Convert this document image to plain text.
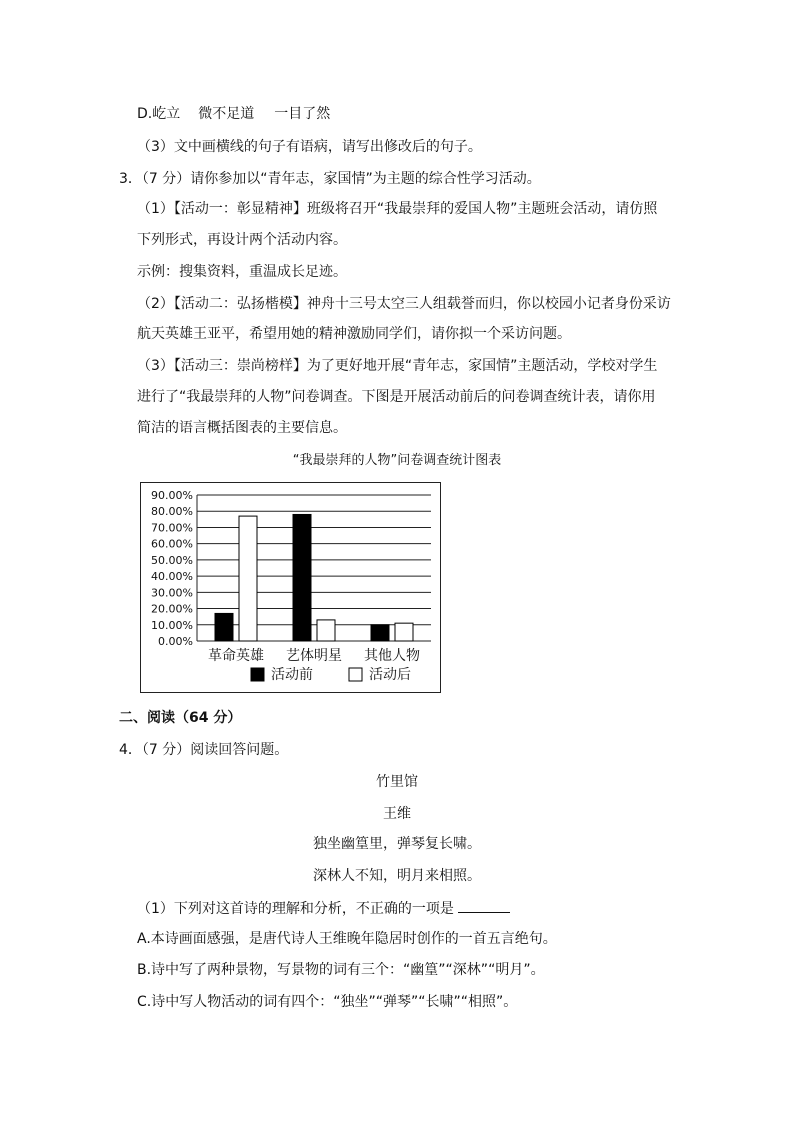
D.屹立 微不足道 一目了然
（3）文中画横线的句子有语病，请写出修改后的句子。
3．（7 分）请你参加以“青年志，家国情”为主题的综合性学习活动。
（1）【活动一：彰显精神】班级将召开“我最崇拜的爱国人物”主题班会活动，请仿照
下列形式，再设计两个活动内容。
示例：搜集资料，重温成长足迹。
（2）【活动二：弘扬楷模】神舟十三号太空三人组载誉而归，你以校园小记者身份采访
航天英雄王亚平，希望用她的精神激励同学们，请你拟一个采访问题。
（3）【活动三：崇尚榜样】为了更好地开展“青年志，家国情”主题活动，学校对学生
进行了“我最崇拜的人物”问卷调查。下图是开展活动前后的问卷调查统计表，请你用
简洁的语言概括图表的主要信息。
“我最崇拜的人物”问卷调查统计图表
0.00%
10.00%
20.00%
30.00%
40.00%
50.00%
60.00%
70.00%
80.00%
90.00%
革命英雄 艺体明星 其他人物
活动前	活动后
二、阅读（64 分）
4．（7 分）阅读回答问题。
竹里馆
王维
独坐幽篁里，弹琴复长啸。
深林人不知，明月来相照。
（1）下列对这首诗的理解和分析，不正确的一项是
A.本诗画面感强，是唐代诗人王维晚年隐居时创作的一首五言绝句。
B.诗中写了两种景物，写景物的词有三个：“幽篁”“深林”“明月”。
C.诗中写人物活动的词有四个：“独坐”“弹琴”“长啸”“相照”。
